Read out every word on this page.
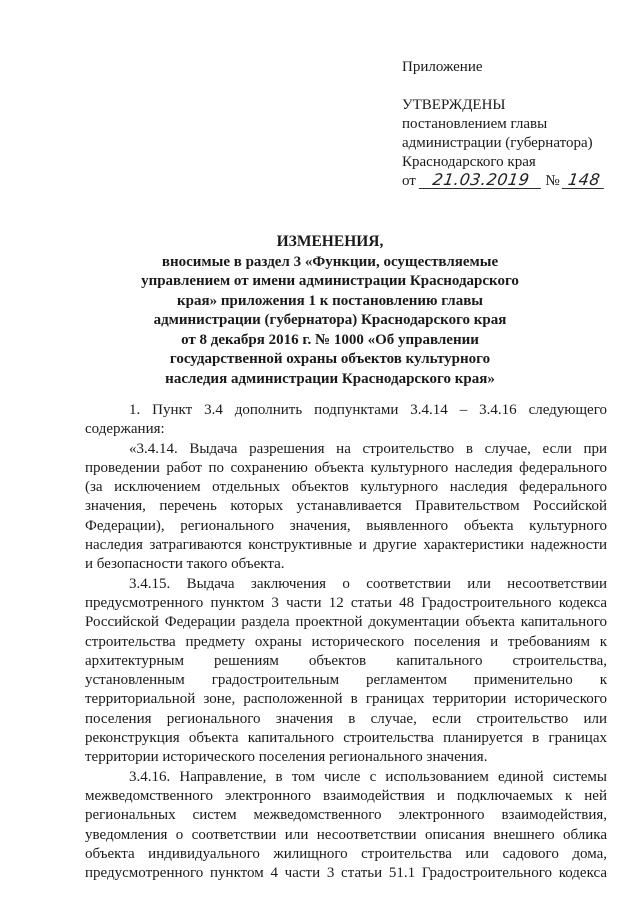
Приложение
УТВЕРЖДЕНЫ
постановлением главы
администрации (губернатора)
Краснодарского края
от 21.03.2019 № 148
ИЗМЕНЕНИЯ,
вносимые в раздел 3 «Функции, осуществляемые
управлением от имени администрации Краснодарского
края» приложения 1 к постановлению главы
администрации (губернатора) Краснодарского края
от 8 декабря 2016 г. № 1000 «Об управлении
государственной охраны объектов культурного
наследия администрации Краснодарского края»

1. Пункт 3.4 дополнить подпунктами 3.4.14 – 3.4.16 следующего
содержания:

«3.4.14. Выдача разрешения на строительство в случае, если при
проведении работ по сохранению объекта культурного наследия федерального
(за исключением отдельных объектов культурного наследия федерального
значения, перечень которых устанавливается Правительством Российской
Федерации), регионального значения, выявленного объекта культурного
наследия затрагиваются конструктивные и другие характеристики надежности
и безопасности такого объекта.

3.4.15. Выдача заключения о соответствии или несоответствии
предусмотренного пунктом 3 части 12 статьи 48 Градостроительного кодекса
Российской Федерации раздела проектной документации объекта капитального
строительства предмету охраны исторического поселения и требованиям к
архитектурным решениям объектов капитального строительства,
установленным градостроительным регламентом применительно к
территориальной зоне, расположенной в границах территории исторического
поселения регионального значения в случае, если строительство или
реконструкция объекта капитального строительства планируется в границах
территории исторического поселения регионального значения.

3.4.16. Направление, в том числе с использованием единой системы
межведомственного электронного взаимодействия и подключаемых к ней
региональных систем межведомственного электронного взаимодействия,
уведомления о соответствии или несоответствии описания внешнего облика
объекта индивидуального жилищного строительства или садового дома,
предусмотренного пунктом 4 части 3 статьи 51.1 Градостроительного кодекса
